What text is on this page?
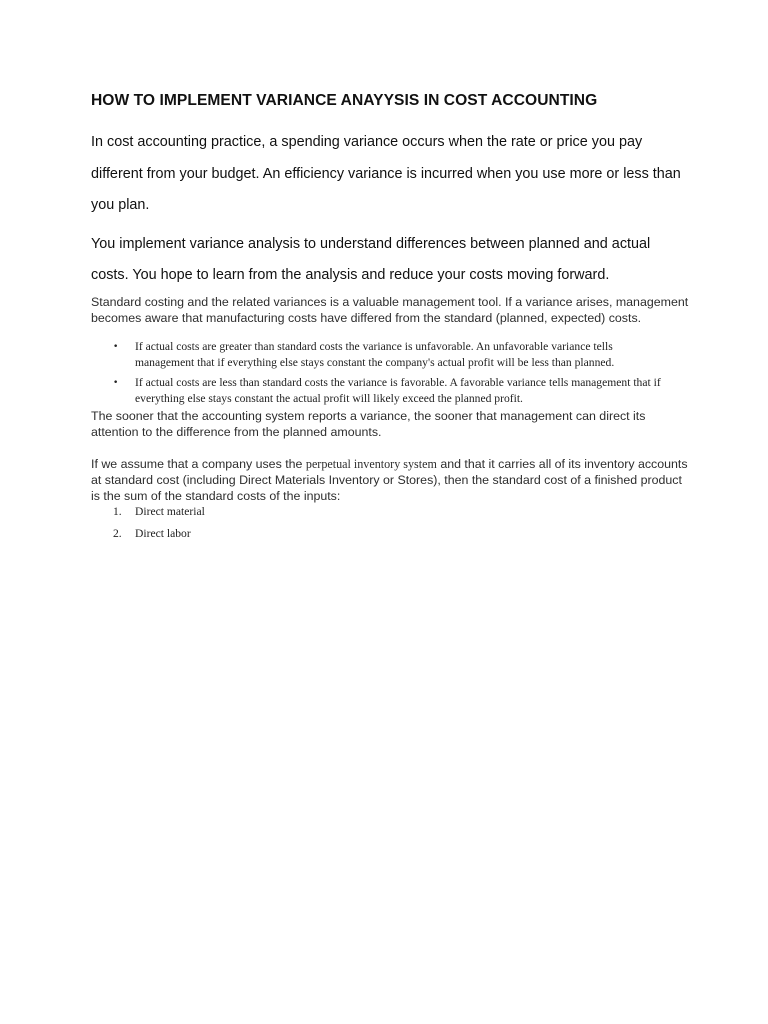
HOW TO IMPLEMENT VARIANCE ANAYYSIS IN COST ACCOUNTING

In cost accounting practice, a spending variance occurs when the rate or price you pay different from your budget. An efficiency variance is incurred when you use more or less than you plan.

You implement variance analysis to understand differences between planned and actual costs. You hope to learn from the analysis and reduce your costs moving forward.

Standard costing and the related variances is a valuable management tool. If a variance arises, management becomes aware that manufacturing costs have differed from the standard (planned, expected) costs.

• If actual costs are greater than standard costs the variance is unfavorable. An unfavorable variance tells management that if everything else stays constant the company's actual profit will be less than planned.
• If actual costs are less than standard costs the variance is favorable. A favorable variance tells management that if everything else stays constant the actual profit will likely exceed the planned profit.

The sooner that the accounting system reports a variance, the sooner that management can direct its attention to the difference from the planned amounts.

If we assume that a company uses the perpetual inventory system and that it carries all of its inventory accounts at standard cost (including Direct Materials Inventory or Stores), then the standard cost of a finished product is the sum of the standard costs of the inputs:

1. Direct material
2. Direct labor
